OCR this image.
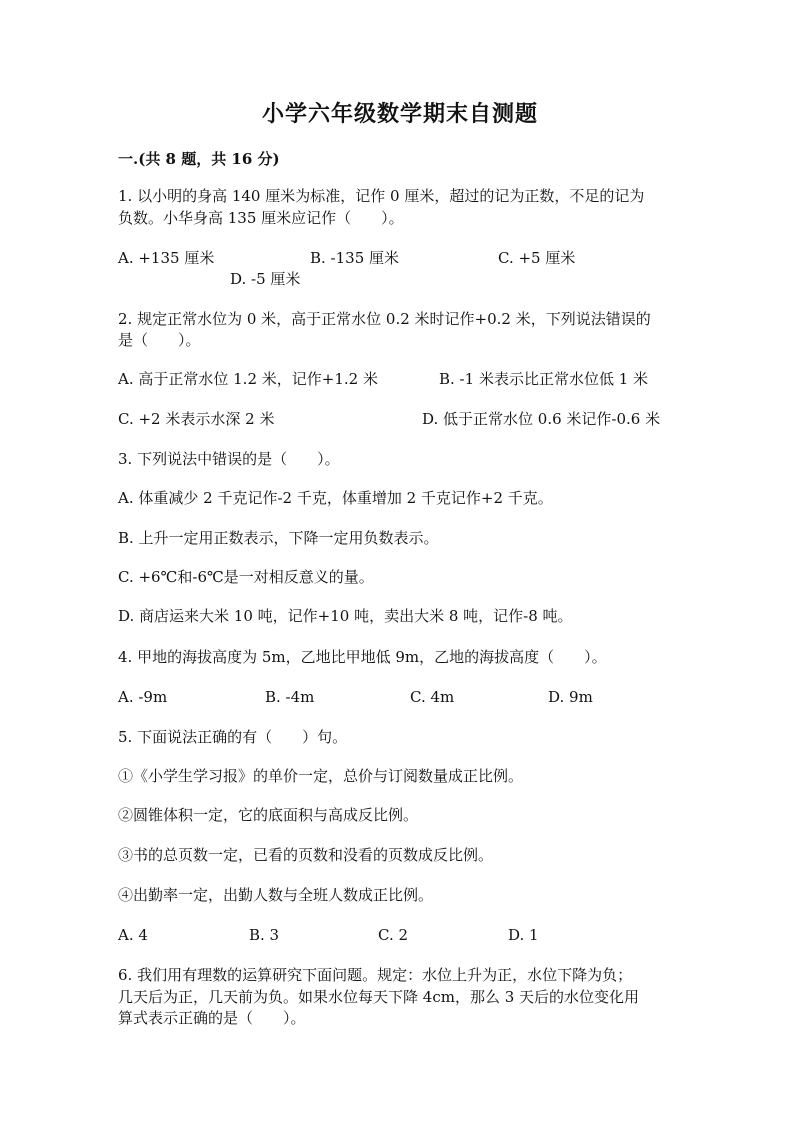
小学六年级数学期末自测题
一.(共 8 题，共 16 分)
1. 以小明的身高 140 厘米为标准，记作 0 厘米，超过的记为正数，不足的记为
负数。小华身高 135 厘米应记作（　　）。
A. +135 厘米	B. -135 厘米	C. +5 厘米
D. -5 厘米
2. 规定正常水位为 0 米，高于正常水位 0.2 米时记作+0.2 米，下列说法错误的
是（　　）。
A. 高于正常水位 1.2 米，记作+1.2 米	B. -1 米表示比正常水位低 1 米
C. +2 米表示水深 2 米	D. 低于正常水位 0.6 米记作-0.6 米
3. 下列说法中错误的是（　　）。
A. 体重减少 2 千克记作-2 千克，体重增加 2 千克记作+2 千克。
B. 上升一定用正数表示，下降一定用负数表示。
C. +6℃和-6℃是一对相反意义的量。
D. 商店运来大米 10 吨，记作+10 吨，卖出大米 8 吨，记作-8 吨。
4. 甲地的海拔高度为 5m，乙地比甲地低 9m，乙地的海拔高度（　　）。
A. -9m	B. -4m	C. 4m	D. 9m
5. 下面说法正确的有（　　）句。
①《小学生学习报》的单价一定，总价与订阅数量成正比例。
②圆锥体积一定，它的底面积与高成反比例。
③书的总页数一定，已看的页数和没看的页数成反比例。
④出勤率一定，出勤人数与全班人数成正比例。
A. 4	B. 3	C. 2	D. 1
6. 我们用有理数的运算研究下面问题。规定：水位上升为正，水位下降为负；
几天后为正，几天前为负。如果水位每天下降 4cm，那么 3 天后的水位变化用
算式表示正确的是（　　）。
